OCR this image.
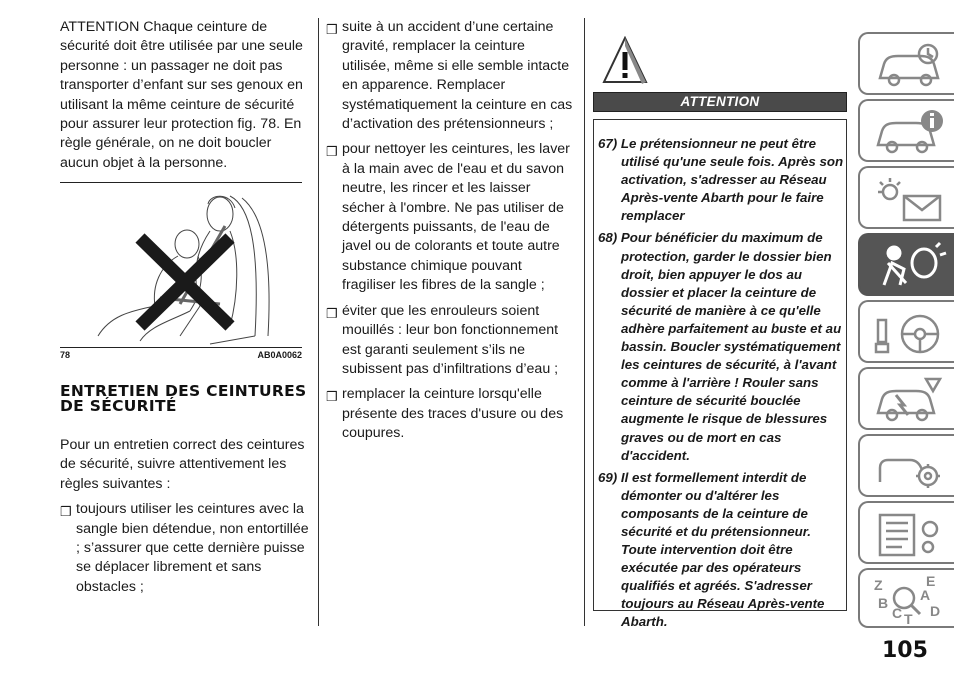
ATTENTION Chaque ceinture de sécurité doit être utilisée par une seule personne : un passager ne doit pas transporter d’enfant sur ses genoux en utilisant la même ceinture de sécurité pour assurer leur protection fig. 78. En règle générale, on ne doit boucler aucun objet à la personne.
78	AB0A0062
ENTRETIEN DES CEINTURES DE SÉCURITÉ
Pour un entretien correct des ceintures de sécurité, suivre attentivement les règles suivantes :
❒ toujours utiliser les ceintures avec la sangle bien détendue, non entortillée ; s’assurer que cette dernière puisse se déplacer librement et sans obstacles ;
❒ suite à un accident d’une certaine gravité, remplacer la ceinture utilisée, même si elle semble intacte en apparence. Remplacer systématiquement la ceinture en cas d’activation des prétensionneurs ;
❒ pour nettoyer les ceintures, les laver à la main avec de l'eau et du savon neutre, les rincer et les laisser sécher à l'ombre. Ne pas utiliser de détergents puissants, de l'eau de javel ou de colorants et toute autre substance chimique pouvant fragiliser les fibres de la sangle ;
❒ éviter que les enrouleurs soient mouillés : leur bon fonctionnement est garanti seulement s’ils ne subissent pas d’infiltrations d’eau ;
❒ remplacer la ceinture lorsqu'elle présente des traces d'usure ou des coupures.
ATTENTION
67) Le prétensionneur ne peut être utilisé qu'une seule fois. Après son activation, s'adresser au Réseau Après-vente Abarth pour le faire remplacer
68) Pour bénéficier du maximum de protection, garder le dossier bien droit, bien appuyer le dos au dossier et placer la ceinture de sécurité de manière à ce qu'elle adhère parfaitement au buste et au bassin. Boucler systématiquement les ceintures de sécurité, à l'avant comme à l'arrière ! Rouler sans ceinture de sécurité bouclée augmente le risque de blessures graves ou de mort en cas d'accident.
69) Il est formellement interdit de démonter ou d'altérer les composants de la ceinture de sécurité et du prétensionneur. Toute intervention doit être exécutée par des opérateurs qualifiés et agréés. S'adresser toujours au Réseau Après-vente Abarth.
Z	E
A
B
C T D
105
